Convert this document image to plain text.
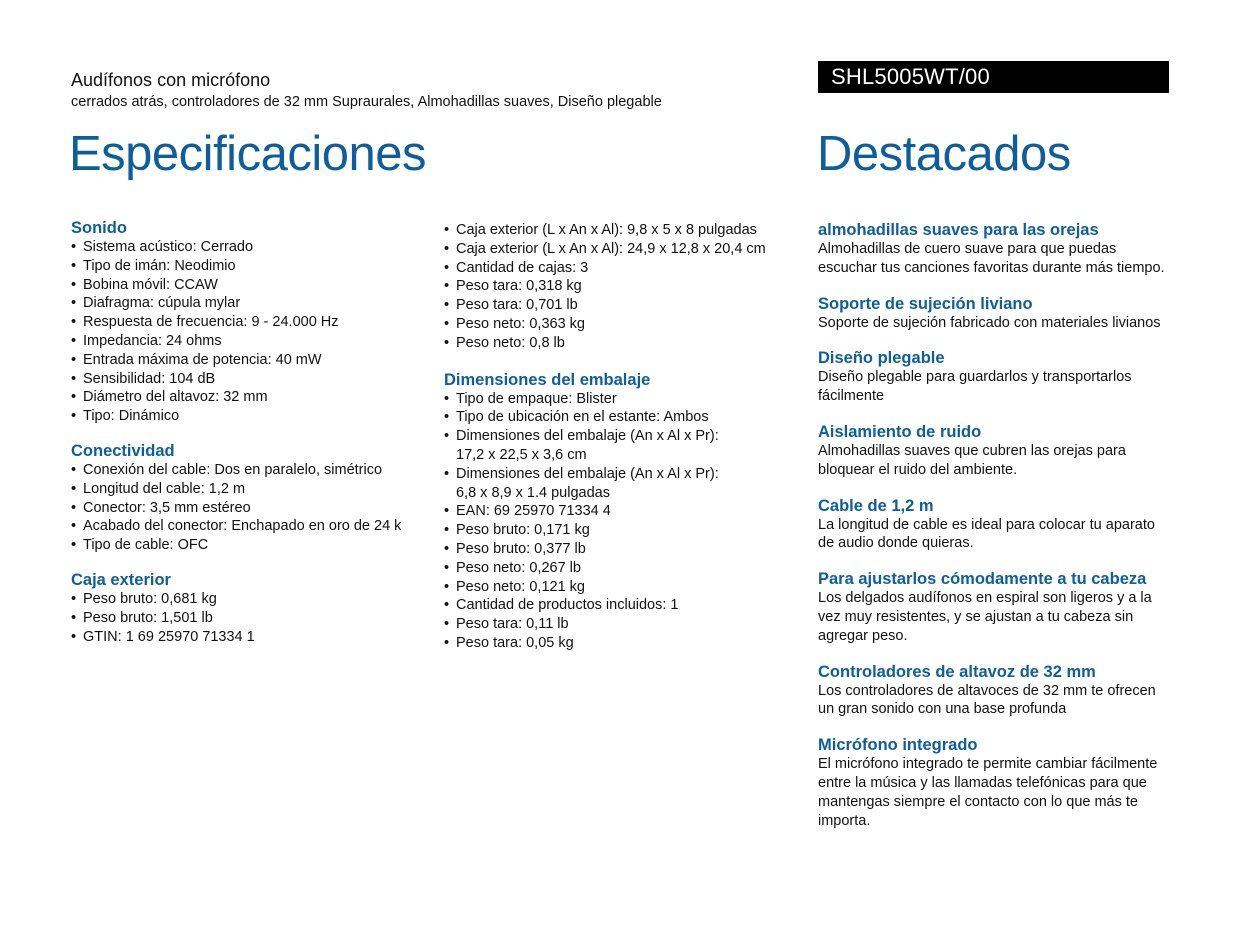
Audífonos con micrófono
cerrados atrás, controladores de 32 mm Supraurales, Almohadillas suaves, Diseño plegable
SHL5005WT/00
Especificaciones	Destacados
Sonido
• Sistema acústico: Cerrado
• Tipo de imán: Neodimio
• Bobina móvil: CCAW
• Diafragma: cúpula mylar
• Respuesta de frecuencia: 9 - 24.000 Hz
• Impedancia: 24 ohms
• Entrada máxima de potencia: 40 mW
• Sensibilidad: 104 dB
• Diámetro del altavoz: 32 mm
• Tipo: Dinámico
Conectividad
• Conexión del cable: Dos en paralelo, simétrico
• Longitud del cable: 1,2 m
• Conector: 3,5 mm estéreo
• Acabado del conector: Enchapado en oro de 24 k
• Tipo de cable: OFC
Caja exterior
• Peso bruto: 0,681 kg
• Peso bruto: 1,501 lb
• GTIN: 1 69 25970 71334 1
• Caja exterior (L x An x Al): 9,8 x 5 x 8 pulgadas
• Caja exterior (L x An x Al): 24,9 x 12,8 x 20,4 cm
• Cantidad de cajas: 3
• Peso tara: 0,318 kg
• Peso tara: 0,701 lb
• Peso neto: 0,363 kg
• Peso neto: 0,8 lb
Dimensiones del embalaje
• Tipo de empaque: Blister
• Tipo de ubicación en el estante: Ambos
• Dimensiones del embalaje (An x Al x Pr): 17,2 x 22,5 x 3,6 cm
• Dimensiones del embalaje (An x Al x Pr): 6,8 x 8,9 x 1.4 pulgadas
• EAN: 69 25970 71334 4
• Peso bruto: 0,171 kg
• Peso bruto: 0,377 lb
• Peso neto: 0,267 lb
• Peso neto: 0,121 kg
• Cantidad de productos incluidos: 1
• Peso tara: 0,11 lb
• Peso tara: 0,05 kg
almohadillas suaves para las orejas
Almohadillas de cuero suave para que puedas escuchar tus canciones favoritas durante más tiempo.
Soporte de sujeción liviano
Soporte de sujeción fabricado con materiales livianos
Diseño plegable
Diseño plegable para guardarlos y transportarlos fácilmente
Aislamiento de ruido
Almohadillas suaves que cubren las orejas para bloquear el ruido del ambiente.
Cable de 1,2 m
La longitud de cable es ideal para colocar tu aparato de audio donde quieras.
Para ajustarlos cómodamente a tu cabeza
Los delgados audífonos en espiral son ligeros y a la vez muy resistentes, y se ajustan a tu cabeza sin agregar peso.
Controladores de altavoz de 32 mm
Los controladores de altavoces de 32 mm te ofrecen un gran sonido con una base profunda
Micrófono integrado
El micrófono integrado te permite cambiar fácilmente entre la música y las llamadas telefónicas para que mantengas siempre el contacto con lo que más te importa.
